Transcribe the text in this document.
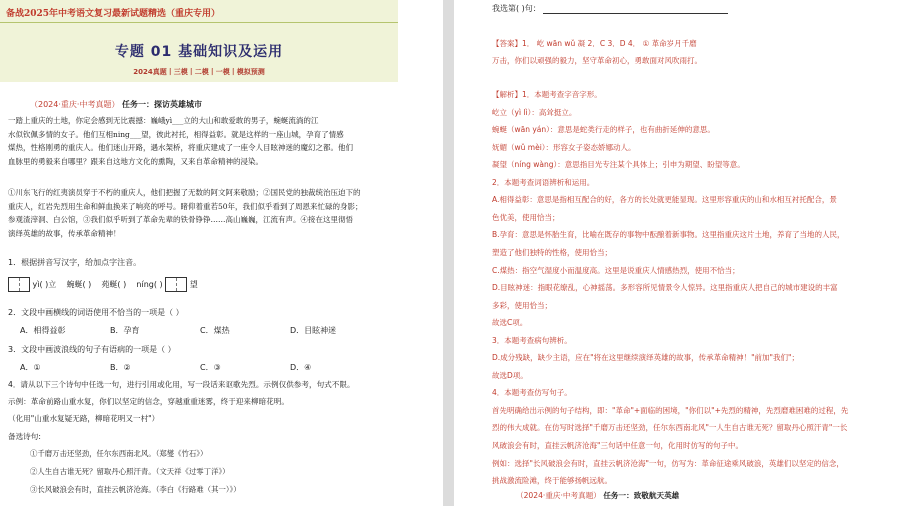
备战2025年中考语文复习最新试题精选（重庆专用）
专题 01 基础知识及运用
2024真题丨三模丨二模丨一模丨模拟预测
（2024·重庆·中考真题） 任务一：探访英雄城市
一踏上重庆的土地，你定会感到无比震撼：巍峨yì___立的大山和敢爱敢的男子，蜿蜒流淌的江
水似钦佩多情的女子。他们互相ning___望，彼此衬托，相得益彰。就是这样的一座山城，孕育了情感
煤热，性格刚勇的重庆人。他们迷山开路，遇水架桥，将重庆建成了一座令人目眩神迷的魔幻之都。他们
血脉里的勇毅来自哪里？跟来自这地方文化的熏陶，又来自革命精神的浸染。
①川东飞行的红夷演员穿于不朽的重庆人，他们把握了无数的阿文阿来敬励；②国民党的独裁统治压迫下的
重庆人，红岩先烈用生命和鲜血换来了响亮的呼号。睹仰着重若50年，我们似乎看到了周恩来忙碌的身影；
参观渣滓洞、白公馆，③我们似乎听到了革命先辈的铁骨铮铮……高山巍巍，江流有声。④接在这里彻悟
演绎英雄的故事，传承革命精神！
1．根据拼音写汉字，给加点字注音。
yì( )立 蜿蜒( ) 苑蜒( ) níng( )	望
2．文段中画横线的词语使用不恰当的一项是（ ）
A．相得益彰	B．孕育	C．煤热	D．目眩神迷
3．文段中画波浪线的句子有语病的一项是（ ）
A．①	B．②	C．③	D．④
4．请从以下三个诗句中任选一句，进行引用或化用，写一段话来讴歌先烈。示例仅供参考，句式不限。
示例：革命前路山重水复，你们以坚定的信念，穿越重重迷雾，终于迎来柳暗花明。
（化用"山重水复疑无路，柳暗花明又一村"）
备选诗句:
①千磨万击还坚劲，任尔东西南北风。（郑燮《竹石》）
②人生自古谁无死？留取丹心照汗青。（文天祥《过零丁洋》）
③长风破浪会有时，直挂云帆济沧海。（李白《行路难（其一）》）
我选第( )句：
【答案】1． 屹 wān wǔ 凝 2．C 3．D 4． ① 革命岁月千磨
万击，你们以顽强的毅力，坚守革命初心，勇敢面对风吹雨打。
【解析】1．本题考查字音字形。
屹立（yì lì）：高耸挺立。
蜿蜒（wān yán）：意思是蛇类行走的样子，也有曲折延伸的意思。
妩媚（wǔ mèi）：形容女子姿态娇娜动人。
凝望（níng wàng）：意思指目光专注某个具体上；引申为期望、盼望等意。
2．本题考查词语辨析和运用。
A.相得益彰：意思是指相互配合的好，各方的长处就更能显现。这里形容重庆的山和水相互衬托配合，景
色优美，使用恰当；
B.孕育：意思是怀胎生育，比喻在既存的事物中酝酿着新事物。这里指重庆这片土地，养育了当地的人民，
塑造了他们独特的性格，使用恰当；
C.煤热：指空气湿度小而温度高。这里是说重庆人情感热烈，使用不恰当；
D.目眩神迷：指眼花缭乱，心神摇荡。多形容所见情景令人惊异。这里指重庆人把自己的城市建设的丰富
多彩，使用恰当；
故选C项。
3．本题考查病句辨析。
D.成分残缺，缺少主语，应在"将在这里继续演绎英雄的故事，传承革命精神！"前加"我们"；
故选D项。
4．本题考查仿写句子。
首先明确给出示例的句子结构，即："革命"+面临的困境，"你们以"+先烈的精神，先烈磨难困难的过程，先
烈的伟大成就。在仿写时选择"千磨万击还坚劲，任尔东西南北风"一人生自古谁无死？留取丹心照汗青"一长
风破浪会有时，直挂云帆济沧海"三句话中任意一句，化用时仿写的句子中。
例如：选择"长风破浪会有时，直挂云帆济沧海"一句，仿写为：革命征途乘风破浪，英雄们以坚定的信念，
挑战激流险滩，终于能够扬帆远航。
（2024·重庆·中考真题） 任务一：致敬航天英雄
